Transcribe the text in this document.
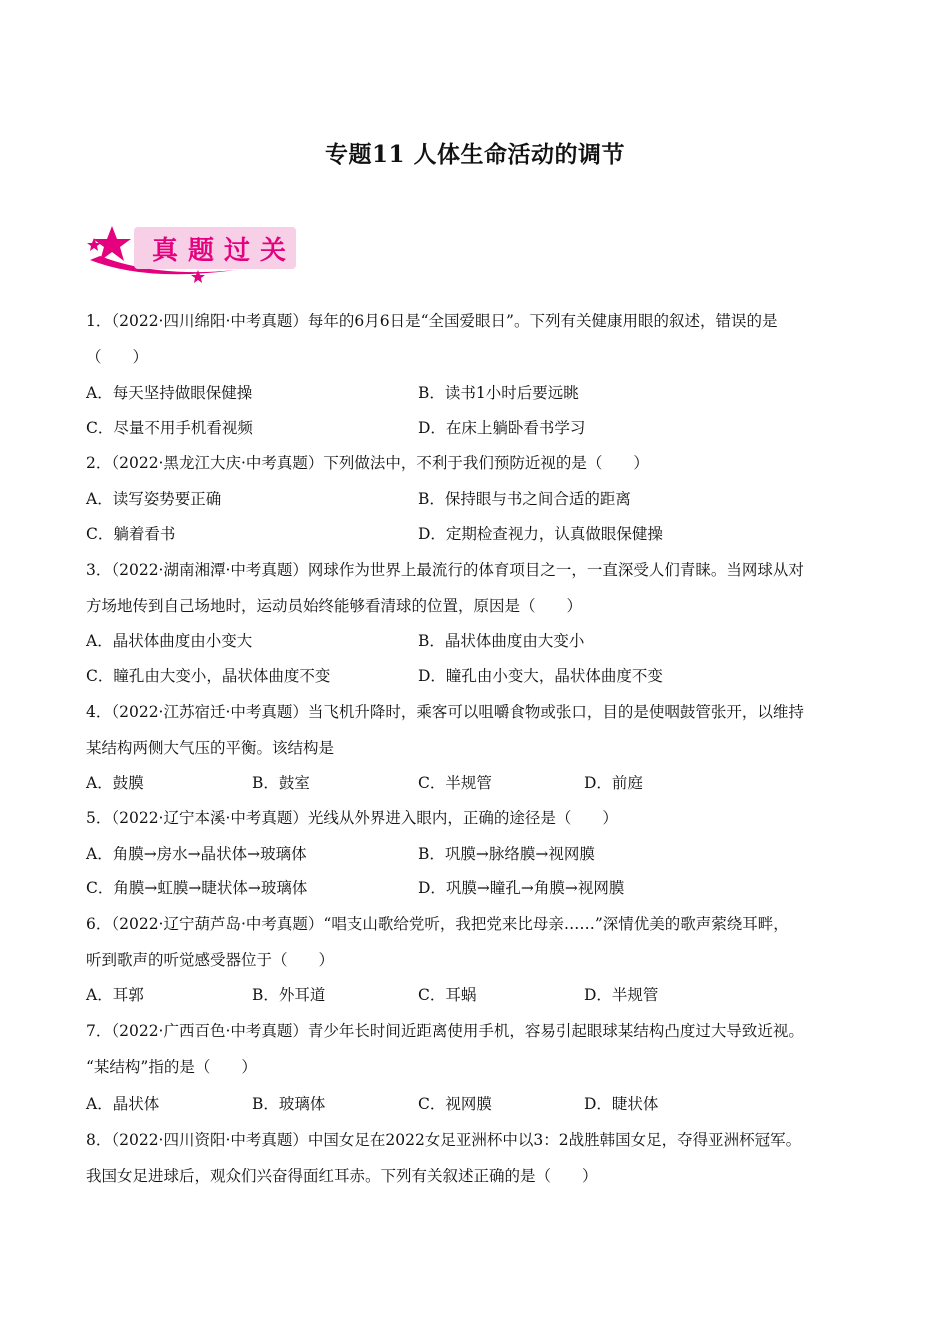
专题11 人体生命活动的调节
真题过关
1．（2022·四川绵阳·中考真题）每年的6月6日是“全国爱眼日”。下列有关健康用眼的叙述，错误的是
（　　）
A．每天坚持做眼保健操	B．读书1小时后要远眺
C．尽量不用手机看视频	D．在床上躺卧看书学习
2．（2022·黑龙江大庆·中考真题）下列做法中，不利于我们预防近视的是（　　）
A．读写姿势要正确	B．保持眼与书之间合适的距离
C．躺着看书	D．定期检查视力，认真做眼保健操
3．（2022·湖南湘潭·中考真题）网球作为世界上最流行的体育项目之一，一直深受人们青睐。当网球从对
方场地传到自己场地时，运动员始终能够看清球的位置，原因是（　　）
A．晶状体曲度由小变大	B．晶状体曲度由大变小
C．瞳孔由大变小，晶状体曲度不变	D．瞳孔由小变大，晶状体曲度不变
4．（2022·江苏宿迁·中考真题）当飞机升降时，乘客可以咀嚼食物或张口，目的是使咽鼓管张开，以维持
某结构两侧大气压的平衡。该结构是
A．鼓膜	B．鼓室	C．半规管	D．前庭
5．（2022·辽宁本溪·中考真题）光线从外界进入眼内，正确的途径是（　　）
A．角膜→房水→晶状体→玻璃体	B．巩膜→脉络膜→视网膜
C．角膜→虹膜→睫状体→玻璃体	D．巩膜→瞳孔→角膜→视网膜
6．（2022·辽宁葫芦岛·中考真题）“唱支山歌给党听，我把党来比母亲……”深情优美的歌声萦绕耳畔，
听到歌声的听觉感受器位于（　　）
A．耳郭	B．外耳道	C．耳蜗	D．半规管
7．（2022·广西百色·中考真题）青少年长时间近距离使用手机，容易引起眼球某结构凸度过大导致近视。
“某结构”指的是（　　）
A．晶状体	B．玻璃体	C．视网膜	D．睫状体
8．（2022·四川资阳·中考真题）中国女足在2022女足亚洲杯中以3：2战胜韩国女足，夺得亚洲杯冠军。
我国女足进球后，观众们兴奋得面红耳赤。下列有关叙述正确的是（　　）
